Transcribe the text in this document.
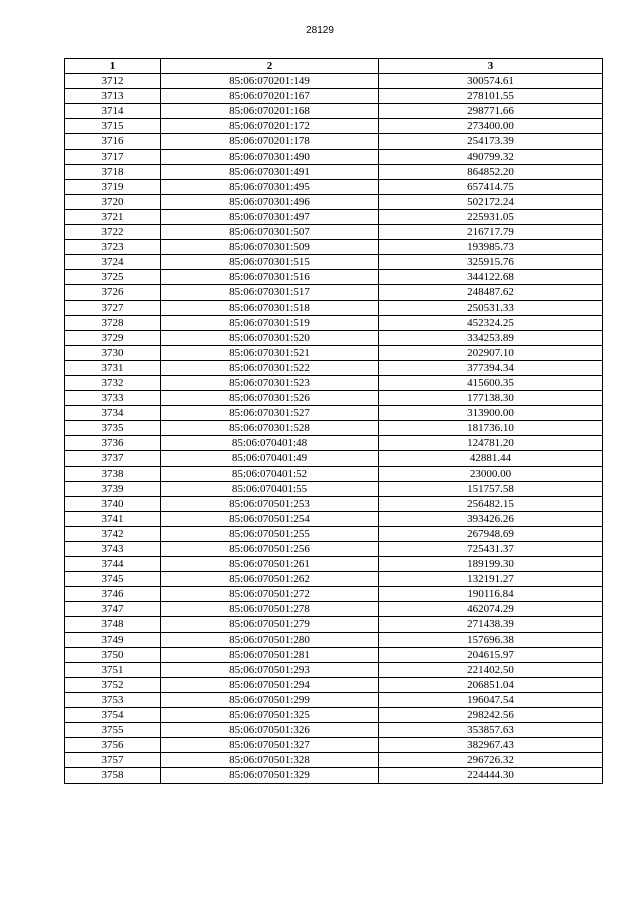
28129
1	2	3
3712	85:06:070201:149	300574.61
3713	85:06:070201:167	278101.55
3714	85:06:070201:168	298771.66
3715	85:06:070201:172	273400.00
3716	85:06:070201:178	254173.39
3717	85:06:070301:490	490799.32
3718	85:06:070301:491	864852.20
3719	85:06:070301:495	657414.75
3720	85:06:070301:496	502172.24
3721	85:06:070301:497	225931.05
3722	85:06:070301:507	216717.79
3723	85:06:070301:509	193985.73
3724	85:06:070301:515	325915.76
3725	85:06:070301:516	344122.68
3726	85:06:070301:517	248487.62
3727	85:06:070301:518	250531.33
3728	85:06:070301:519	452324.25
3729	85:06:070301:520	334253.89
3730	85:06:070301:521	202907.10
3731	85:06:070301:522	377394.34
3732	85:06:070301:523	415600.35
3733	85:06:070301:526	177138.30
3734	85:06:070301:527	313900.00
3735	85:06:070301:528	181736.10
3736	85:06:070401:48	124781.20
3737	85:06:070401:49	42881.44
3738	85:06:070401:52	23000.00
3739	85:06:070401:55	151757.58
3740	85:06:070501:253	256482.15
3741	85:06:070501:254	393426.26
3742	85:06:070501:255	267948.69
3743	85:06:070501:256	725431.37
3744	85:06:070501:261	189199.30
3745	85:06:070501:262	132191.27
3746	85:06:070501:272	190116.84
3747	85:06:070501:278	462074.29
3748	85:06:070501:279	271438.39
3749	85:06:070501:280	157696.38
3750	85:06:070501:281	204615.97
3751	85:06:070501:293	221402.50
3752	85:06:070501:294	206851.04
3753	85:06:070501:299	196047.54
3754	85:06:070501:325	298242.56
3755	85:06:070501:326	353857.63
3756	85:06:070501:327	382967.43
3757	85:06:070501:328	296726.32
3758	85:06:070501:329	224444.30
